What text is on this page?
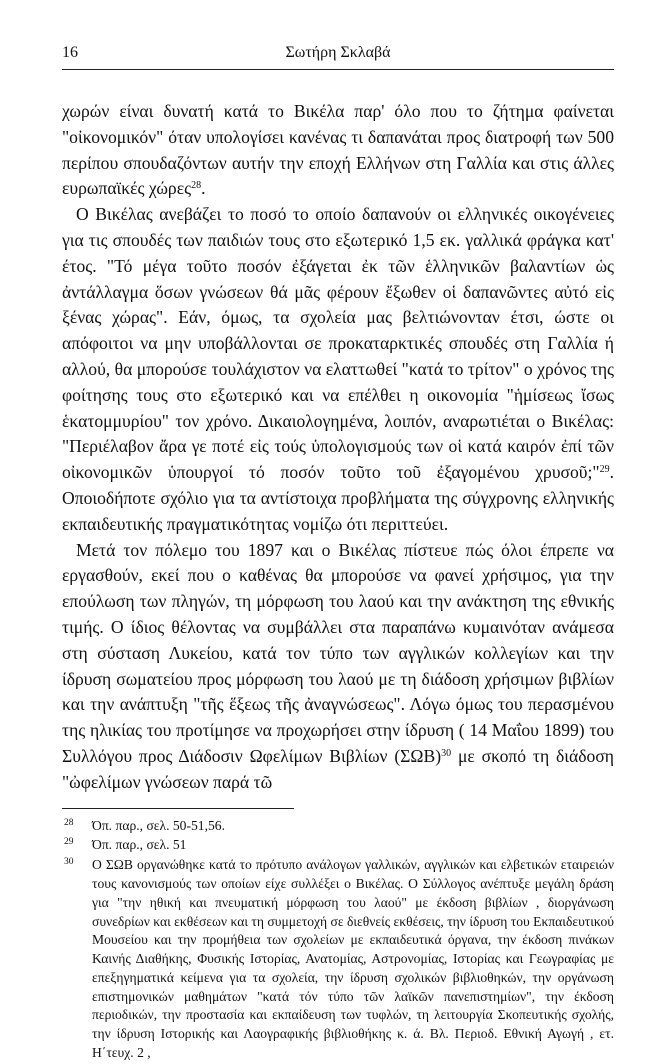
16	Σωτήρη Σκλαβά

χωρών είναι δυνατή κατά το Βικέλα παρ' όλο που το ζήτημα φαίνεται "οἰκονομικόν" όταν υπολογίσει κανένας τι δαπανάται προς διατροφή των 500 περίπου σπουδαζόντων αυτήν την εποχή Ελλήνων στη Γαλλία και στις άλλες ευρωπαϊκές χώρες$^{28}$.

Ο Βικέλας ανεβάζει το ποσό το οποίο δαπανούν οι ελληνικές οικογένειες για τις σπουδές των παιδιών τους στο εξωτερικό 1,5 εκ. γαλλικά φράγκα κατ' έτος. "Τό μέγα τοῦτο ποσόν ἐξάγεται ἐκ τῶν ἑλληνικῶν βαλαντίων ὡς ἀντάλλαγμα ὅσων γνώσεων θά μᾶς φέρουν ἔξωθεν οἱ δαπανῶντες αὐτό εἰς ξένας χώρας". Εάν, όμως, τα σχολεία μας βελτιώνονταν έτσι, ώστε οι απόφοιτοι να μην υποβάλλονται σε προκαταρκτικές σπουδές στη Γαλλία ή αλλού, θα μπορούσε τουλάχιστον να ελαττωθεί "κατά το τρίτον" ο χρόνος της φοίτησης τους στο εξωτερικό και να επέλθει η οικονομία "ἡμίσεως ἴσως ἑκατομμυρίου" τον χρόνο. Δικαιολογημένα, λοιπόν, αναρωτιέται ο Βικέλας: "Περιέλαβον ἄρα γε ποτέ εἰς τούς ὑπολογισμούς των οἱ κατά καιρόν ἐπί τῶν οἰκονομικῶν ὑπουργοί τό ποσόν τοῦτο τοῦ ἐξαγομένου χρυσοῦ;"$^{29}$. Οποιοδήποτε σχόλιο για τα αντίστοιχα προβλήματα της σύγχρονης ελληνικής εκπαιδευτικής πραγματικότητας νομίζω ότι περιττεύει.

Μετά τον πόλεμο του 1897 και ο Βικέλας πίστευε πώς όλοι έπρεπε να εργασθούν, εκεί που ο καθένας θα μπορούσε να φανεί χρήσιμος, για την επούλωση των πληγών, τη μόρφωση του λαού και την ανάκτηση της εθνικής τιμής. Ο ίδιος θέλοντας να συμβάλλει στα παραπάνω κυμαινόταν ανάμεσα στη σύσταση Λυκείου, κατά τον τύπο των αγγλικών κολλεγίων και την ίδρυση σωματείου προς μόρφωση του λαού με τη διάδοση χρήσιμων βιβλίων και την ανάπτυξη "τῆς ἕξεως τῆς ἀναγνώσεως". Λόγω όμως του περασμένου της ηλικίας του προτίμησε να προχωρήσει στην ίδρυση ( 14 Μαΐου 1899) του Συλλόγου προς Διάδοσιν Ωφελίμων Βιβλίων $(\Sigma\Omega B)^{30}$ με σκοπό τη διάδοση "ὠφελίμων γνώσεων παρά τῶ

28 Όπ. παρ., σελ. 50-51,56.
29 Όπ. παρ., σελ. 51
30 Ο ΣΩΒ οργανώθηκε κατά το πρότυπο ανάλογων γαλλικών, αγγλικών και ελβετικών εταιρειών τους κανονισμούς των οποίων είχε συλλέξει ο Βικέλας. Ο Σύλλογος ανέπτυξε μεγάλη δράση για "την ηθική και πνευματική μόρφωση του λαού" με έκδοση βιβλίων , διοργάνωση συνεδρίων και εκθέσεων και τη συμμετοχή σε διεθνείς εκθέσεις, την ίδρυση του Εκπαιδευτικού Μουσείου και την προμήθεια των σχολείων με εκπαιδευτικά όργανα, την έκδοση πινάκων Καινής Διαθήκης, Φυσικής Ιστορίας, Ανατομίας, Αστρονομίας, Ιστορίας και Γεωγραφίας με επεξηγηματικά κείμενα για τα σχολεία, την ίδρυση σχολικών βιβλιοθηκών, την οργάνωση επιστημονικών μαθημάτων "κατά τόν τύπο τῶν λαϊκῶν πανεπιστημίων", την έκδοση περιοδικών, την προστασία και εκπαίδευση των τυφλών, τη λειτουργία Σκοπευτικής σχολής, την ίδρυση Ιστορικής και Λαογραφικής βιβλιοθήκης κ. ά. Βλ. Περιοδ. Εθνική Αγωγή , ετ. Η΄τευχ. 2 ,
